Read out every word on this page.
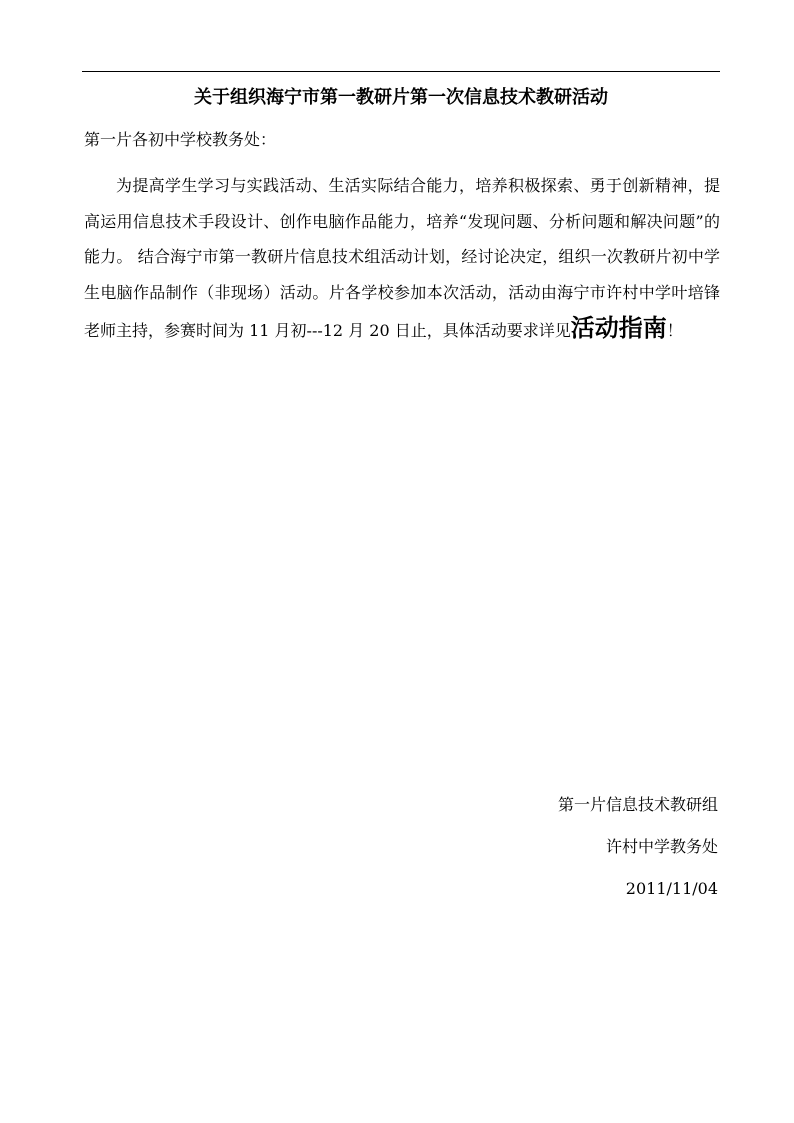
关于组织海宁市第一教研片第一次信息技术教研活动
第一片各初中学校教务处：

为提高学生学习与实践活动、生活实际结合能力，培养积极探索、勇于创新精神，提高运用信息技术手段设计、创作电脑作品能力，培养“发现问题、分析问题和解决问题”的能力。 结合海宁市第一教研片信息技术组活动计划，经讨论决定，组织一次教研片初中学生电脑作品制作（非现场）活动。片各学校参加本次活动，活动由海宁市许村中学叶培锋老师主持，参赛时间为 11 月初---12 月 20 日止，具体活动要求详见活动指南！

第一片信息技术教研组
许村中学教务处
2011/11/04
